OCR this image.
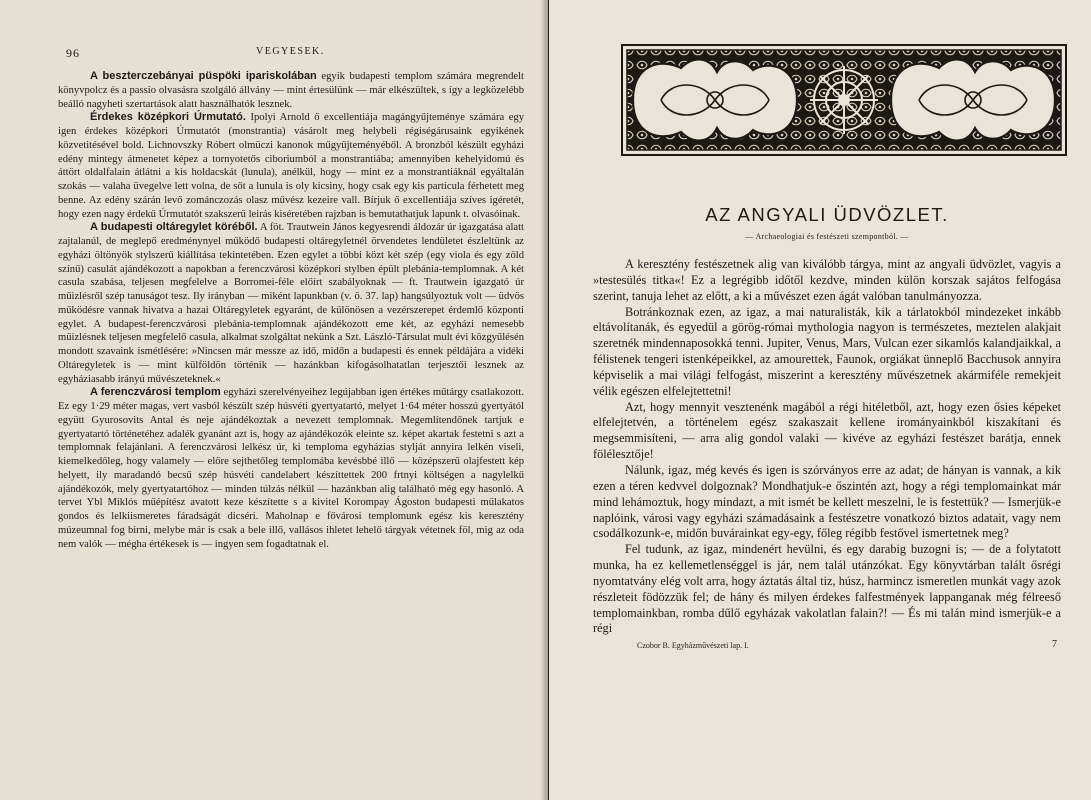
96	VEGYESEK.

A beszterczebányai püspöki ipariskolában egyik budapesti templom számára megrendelt könyvpolcz és a passio olvasásra szolgáló állvány — mint értesülünk — már elkészültek, s így a legközelébb beálló nagyheti szertartások alatt használhatók lesznek.

Érdekes középkori Úrmutató. Ipolyi Arnold ő excellentiája magángyűjteménye számára egy igen érdekes középkori Úrmutatót (monstrantia) vásárolt meg helybeli régiségárusaink egyikének közvetitésével bold. Lichnovszky Róbert olmüczi kanonok műgyűjteményéből. A bronzból készült egyházi edény mintegy átmenetet képez a tornyotetős ciboriumból a monstrantiába; amennyiben kehelyidomú és áttört oldalfalain átlátni a kis holdacskát (lunula), anélkül, hogy — mint ez a monstrantiáknál egyáltalán szokás — valaha üvegelve lett volna, de sőt a lunula is oly kicsiny, hogy csak egy kis particula férhetett meg benne. Az edény szárán levő zománczozás olasz művész kezeire vall. Bírjuk ő excellentiája szíves igéretét, hogy ezen nagy érdekű Úrmutatót szakszerű leirás kiséretében rajzban is bemutathatjuk lapunk t. olvasóinak.

A budapesti oltáregylet köréből. A föt. Trautwein János kegyesrendi áldozár úr igazgatása alatt zajtalanúl, de meglepő eredménynyel működő budapesti oltáregyletnél örvendetes lendületet észleltünk az egyházi öltönyök stylszerű kiállítása tekintetében. Ezen egylet a többi közt két szép (egy viola és egy zöld színű) casulát ajándékozott a napokban a ferenczvárosi középkori stylben épült plebánia-templomnak. A két casula szabása, teljesen megfelelve a Borromei-féle előírt szabályoknak — ft. Trautwein igazgató úr műizlésről szép tanuságot tesz. Ily irányban — miként lapunkban (v. ö. 37. lap) hangsúlyoztuk volt — üdvös működésre vannak hivatva a hazai Oltáregyletek egyaránt, de különösen a vezérszerepet érdemlő központi egylet. A budapest-ferenczvárosi plebánia-templomnak ajándékozott eme két, az egyházi nemesebb műizlésnek teljesen megfelelő casula, alkalmat szolgáltat nekünk a Szt. László-Társulat mult évi közgyűlésén mondott szavaink ismétlésére: »Nincsen már messze az idő, midőn a budapesti és ennek példájára a vidéki Oltáregyletek is — mint külföldön történik — hazánkban kifogásolhatatlan terjesztői lesznek az egyháziasabb irányú művészeteknek.«

A ferenczvárosi templom egyházi szerelvényeihez legújabban igen értékes műtárgy csatlakozott. Ez egy 1·29 méter magas, vert vasból készült szép húsvéti gyertyatartó, melyet 1·64 méter hosszú gyertyától együtt Gyurosovits Antal és neje ajándékoztak a nevezett templomnak. Megemlítendőnek tartjuk e gyertyatartó történetéhez adalék gyanánt azt is, hogy az ajándékozók eleinte sz. képet akartak festetni s azt a templomnak felajánlani. A ferenczvárosi lelkész úr, ki temploma egyházias stylját annyira lelkén viseli, kiemelkedőleg, hogy valamely — előre sejthetőleg templomába kevésbbé illő — középszerű olajfestett kép helyett, ily maradandó becsű szép húsvéti candelabert készíttettek 200 frtnyi költségen a nagylelkű ajándékozók, mely gyertyatartóhoz — minden túlzás nélkül — hazánkban alig található még egy hasonló. A tervet Ybl Miklós műépítész avatott keze készítette s a kivitel Korompay Ágoston budapesti műlakatos gondos és lelkiismeretes fáradságát dicséri. Maholnap e fővárosi templomunk egész kis keresztény múzeumnal fog birni, melybe már is csak a bele illő, vallásos ihletet lehelő tárgyak vétetnek föl, mig az oda nem valók — mégha értékesek is — ingyen sem fogadtatnak el.

AZ ANGYALI ÜDVÖZLET.
— Archaeologiai és festészeti szempontból. —

A keresztény festészetnek alig van kiválóbb tárgya, mint az angyali üdvözlet, vagyis a »testesülés titka«! Ez a legrégibb időtől kezdve, minden külön korszak sajátos felfogása szerint, tanuja lehet az előtt, a ki a művészet ezen ágát valóban tanulmányozza.

Botránkoznak ezen, az igaz, a mai naturalisták, kik a tárlatokból mindezeket inkább eltávolítanák, és egyedül a görög-római mythologia nagyon is természetes, meztelen alakjait szeretnék mindennaposokká tenni. Jupiter, Venus, Mars, Vulcan ezer sikamlós kalandjaikkal, a félistenek tengeri istenképeikkel, az amourettek, Faunok, orgiákat ünneplő Bacchusok annyira képviselik a mai világi felfogást, miszerint a keresztény művészetnek akármiféle remekjeit vélik egészen elfelejtettetni!

Azt, hogy mennyit vesztenénk magából a régi hitéletből, azt, hogy ezen ősies képeket elfelejtetvén, a történelem egész szakaszait kellene irományainkból kiszakítani és megsemmisíteni, — arra alig gondol valaki — kivéve az egyházi festészet barátja, ennek fölélesztője!

Nálunk, igaz, még kevés és igen is szórványos erre az adat; de hányan is vannak, a kik ezen a téren kedvvel dolgoznak? Mondhatjuk-e őszintén azt, hogy a régi templomainkat már mind lehámoztuk, hogy mindazt, a mit ismét be kellett meszelni, le is festettük? — Ismerjük-e naplóink, városi vagy egyházi számadásaink a festészetre vonatkozó biztos adatait, vagy nem csodálkozunk-e, midőn buvárainkat egy-egy, főleg régibb festővel ismertetnek meg?

Fel tudunk, az igaz, mindenért hevülni, és egy darabig buzogni is; — de a folytatott munka, ha ez kellemetlenséggel is jár, nem talál utánzókat. Egy könyvtárban talált ősrégi nyomtatvány elég volt arra, hogy áztatás által tiz, húsz, harmincz ismeretlen munkát vagy azok részleteit födözzük fel; de hány és milyen érdekes falfestmények lappanganak még félreeső templomainkban, romba dűlő egyházak vakolatlan falain?! — És mi talán mind ismerjük-e a régi

Czobor B. Egyházművészeti lap. I.	7
